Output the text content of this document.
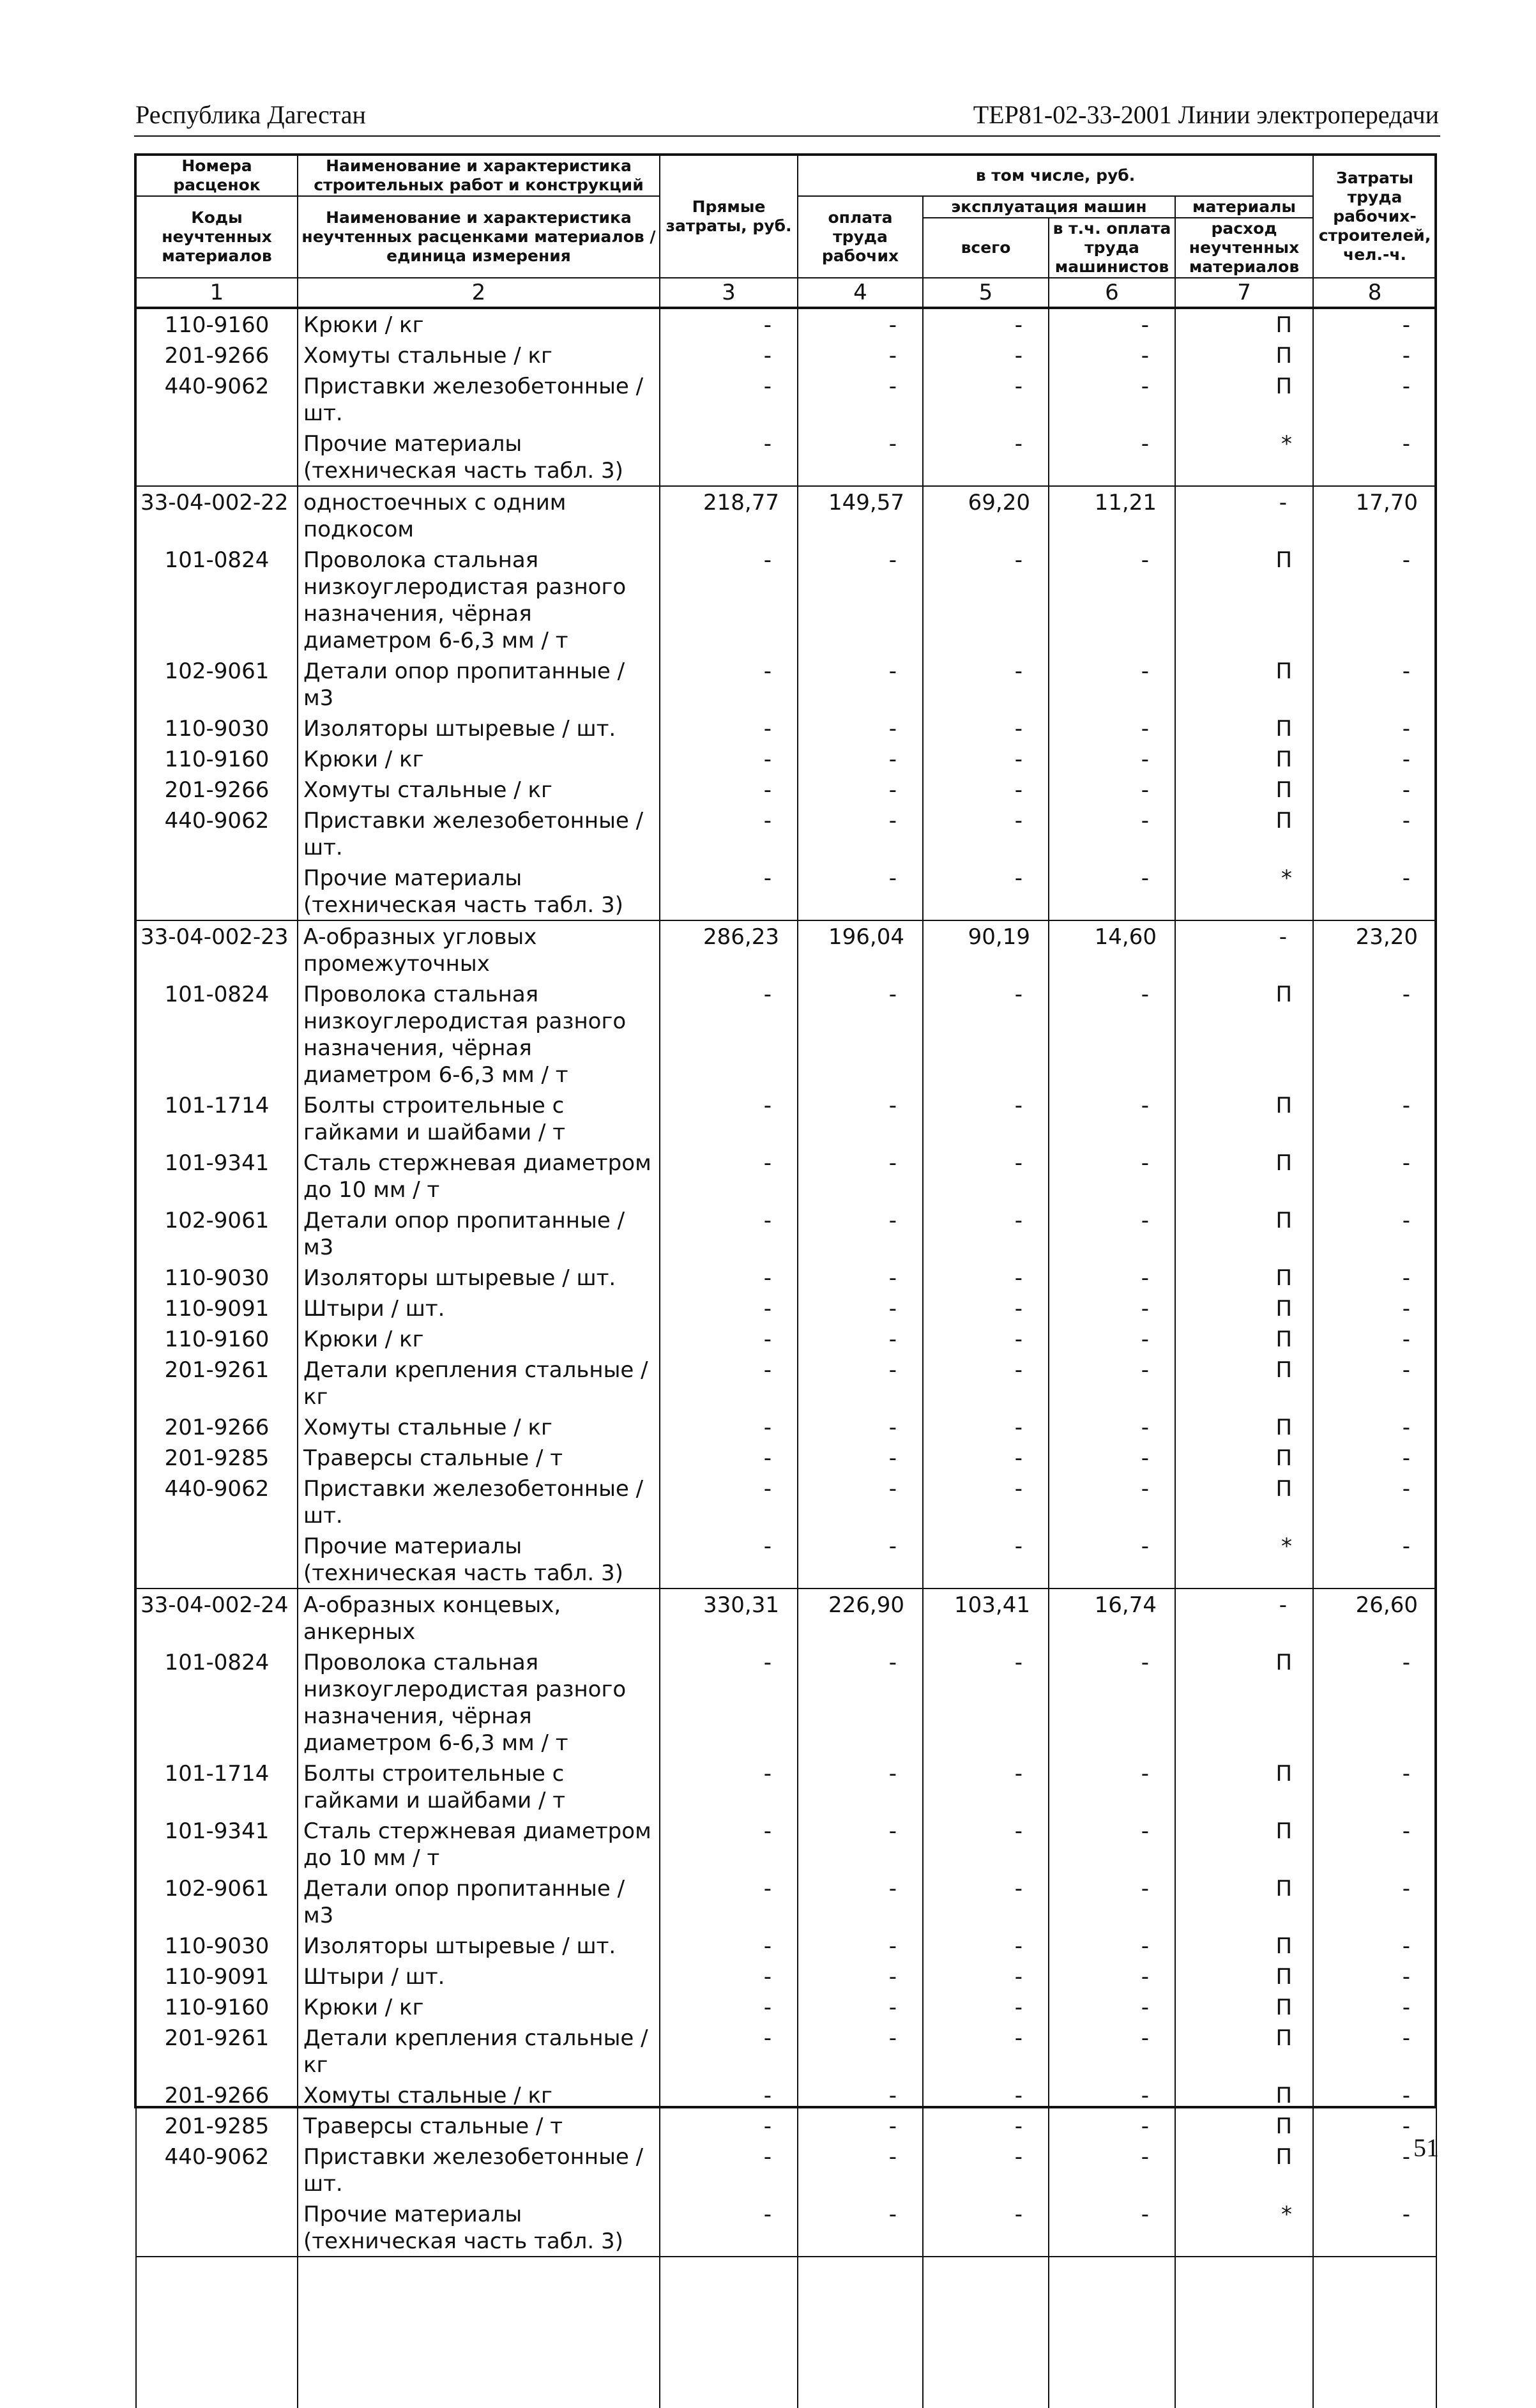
Республика Дагестан	ТЕР81-02-33-2001 Линии электропередачи
Номера расценок	Наименование и характеристика строительных работ и конструкций	Прямые затраты, руб.	в том числе, руб.				Затраты труда рабочих-строителей, чел.-ч.
Коды неучтенных материалов	Наименование и характеристика неучтенных расценками материалов / единица измерения		оплата труда рабочих	эксплуатация машин		материалы	
				всего	в т.ч. оплата труда машинистов	расход неучтенных материалов	
1	2	3	4	5	6	7	8
110-9160	Крюки / кг	-	-	-	-	П	-
201-9266	Хомуты стальные / кг	-	-	-	-	П	-
440-9062	Приставки железобетонные /шт.	-	-	-	-	П	-
	Прочие материалы (техническая часть табл. 3)	-	-	-	-	*	-
33-04-002-22	одностоечных с одним подкосом	218,77	149,57	69,20	11,21	-	17,70
101-0824	Проволока стальная низкоуглеродистая разного назначения, чёрная диаметром 6-6,3 мм / т	-	-	-	-	П	-
102-9061	Детали опор пропитанные / м3	-	-	-	-	П	-
110-9030	Изоляторы штыревые / шт.	-	-	-	-	П	-
110-9160	Крюки / кг	-	-	-	-	П	-
201-9266	Хомуты стальные / кг	-	-	-	-	П	-
440-9062	Приставки железобетонные /шт.	-	-	-	-	П	-
	Прочие материалы (техническая часть табл. 3)	-	-	-	-	*	-
33-04-002-23	А-образных угловых промежуточных	286,23	196,04	90,19	14,60	-	23,20
101-0824	Проволока стальная низкоуглеродистая разного назначения, чёрная диаметром 6-6,3 мм / т	-	-	-	-	П	-
101-1714	Болты строительные с гайками и шайбами / т	-	-	-	-	П	-
101-9341	Сталь стержневая диаметром до 10 мм / т	-	-	-	-	П	-
102-9061	Детали опор пропитанные / м3	-	-	-	-	П	-
110-9030	Изоляторы штыревые / шт.	-	-	-	-	П	-
110-9091	Штыри / шт.	-	-	-	-	П	-
110-9160	Крюки / кг	-	-	-	-	П	-
201-9261	Детали крепления стальные / кг	-	-	-	-	П	-
201-9266	Хомуты стальные / кг	-	-	-	-	П	-
201-9285	Траверсы стальные / т	-	-	-	-	П	-
440-9062	Приставки железобетонные /шт.	-	-	-	-	П	-
	Прочие материалы (техническая часть табл. 3)	-	-	-	-	*	-
33-04-002-24	А-образных концевых, анкерных	330,31	226,90	103,41	16,74	-	26,60
101-0824	Проволока стальная низкоуглеродистая разного назначения, чёрная диаметром 6-6,3 мм / т	-	-	-	-	П	-
101-1714	Болты строительные с гайками и шайбами / т	-	-	-	-	П	-
101-9341	Сталь стержневая диаметром до 10 мм / т	-	-	-	-	П	-
102-9061	Детали опор пропитанные / м3	-	-	-	-	П	-
110-9030	Изоляторы штыревые / шт.	-	-	-	-	П	-
110-9091	Штыри / шт.	-	-	-	-	П	-
110-9160	Крюки / кг	-	-	-	-	П	-
201-9261	Детали крепления стальные / кг	-	-	-	-	П	-
201-9266	Хомуты стальные / кг	-	-	-	-	П	-
201-9285	Траверсы стальные / т	-	-	-	-	П	-
440-9062	Приставки железобетонные /шт.	-	-	-	-	П	-
	Прочие материалы (техническая часть табл. 3)	-	-	-	-	*	-

51
